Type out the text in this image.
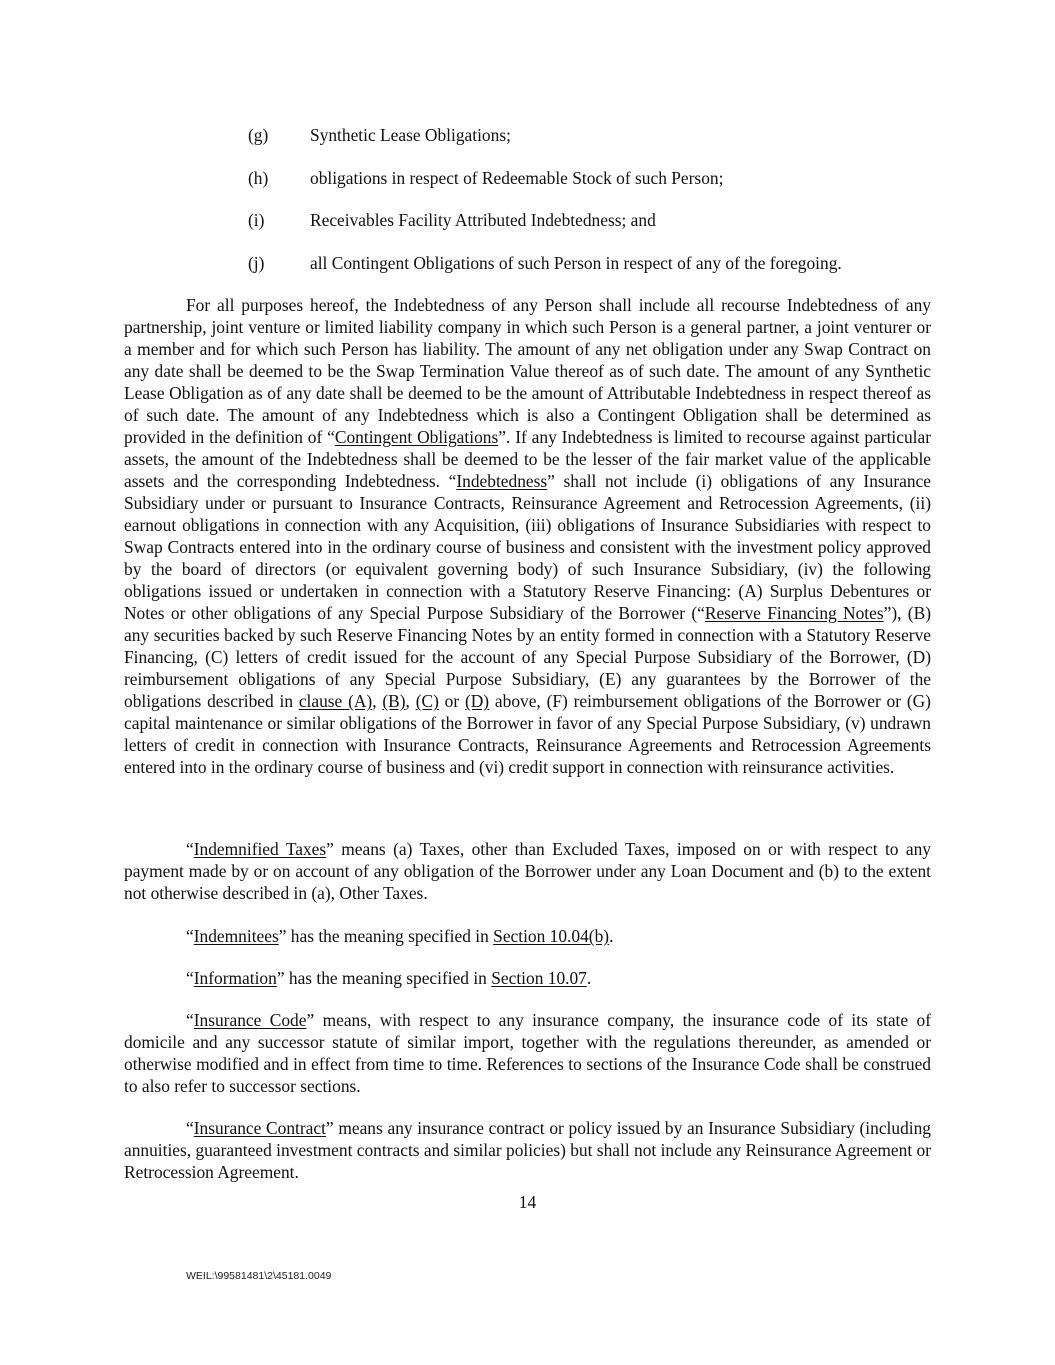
(g) Synthetic Lease Obligations;
(h) obligations in respect of Redeemable Stock of such Person;
(i)	Receivables Facility Attributed Indebtedness; and
(j)	all Contingent Obligations of such Person in respect of any of the foregoing.

For all purposes hereof, the Indebtedness of any Person shall include all recourse Indebtedness of any partnership, joint venture or limited liability company in which such Person is a general partner, a joint venturer or a member and for which such Person has liability. The amount of any net obligation under any Swap Contract on any date shall be deemed to be the Swap Termination Value thereof as of such date. The amount of any Synthetic Lease Obligation as of any date shall be deemed to be the amount of Attributable Indebtedness in respect thereof as of such date. The amount of any Indebtedness which is also a Contingent Obligation shall be determined as provided in the definition of “Contingent Obligations”. If any Indebtedness is limited to recourse against particular assets, the amount of the Indebtedness shall be deemed to be the lesser of the fair market value of the applicable assets and the corresponding Indebtedness. “Indebtedness” shall not include (i) obligations of any Insurance Subsidiary under or pursuant to Insurance Contracts, Reinsurance Agreement and Retrocession Agreements, (ii) earnout obligations in connection with any Acquisition, (iii) obligations of Insurance Subsidiaries with respect to Swap Contracts entered into in the ordinary course of business and consistent with the investment policy approved by the board of directors (or equivalent governing body) of such Insurance Subsidiary, (iv) the following obligations issued or undertaken in connection with a Statutory Reserve Financing: (A) Surplus Debentures or Notes or other obligations of any Special Purpose Subsidiary of the Borrower (“Reserve Financing Notes”), (B) any securities backed by such Reserve Financing Notes by an entity formed in connection with a Statutory Reserve Financing, (C) letters of credit issued for the account of any Special Purpose Subsidiary of the Borrower, (D) reimbursement obligations of any Special Purpose Subsidiary, (E) any guarantees by the Borrower of the obligations described in clause (A), (B), (C) or (D) above, (F) reimbursement obligations of the Borrower or (G) capital maintenance or similar obligations of the Borrower in favor of any Special Purpose Subsidiary, (v) undrawn letters of credit in connection with Insurance Contracts, Reinsurance Agreements and Retrocession Agreements entered into in the ordinary course of business and (vi) credit support in connection with reinsurance activities.

“Indemnified Taxes” means (a) Taxes, other than Excluded Taxes, imposed on or with respect to any payment made by or on account of any obligation of the Borrower under any Loan Document and (b) to the extent not otherwise described in (a), Other Taxes.

“Indemnitees” has the meaning specified in Section 10.04(b).

“Information” has the meaning specified in Section 10.07.

“Insurance Code” means, with respect to any insurance company, the insurance code of its state of domicile and any successor statute of similar import, together with the regulations thereunder, as amended or otherwise modified and in effect from time to time. References to sections of the Insurance Code shall be construed to also refer to successor sections.

“Insurance Contract” means any insurance contract or policy issued by an Insurance Subsidiary (including annuities, guaranteed investment contracts and similar policies) but shall not include any Reinsurance Agreement or Retrocession Agreement.

14
WEIL:\99581481\2\45181.0049
